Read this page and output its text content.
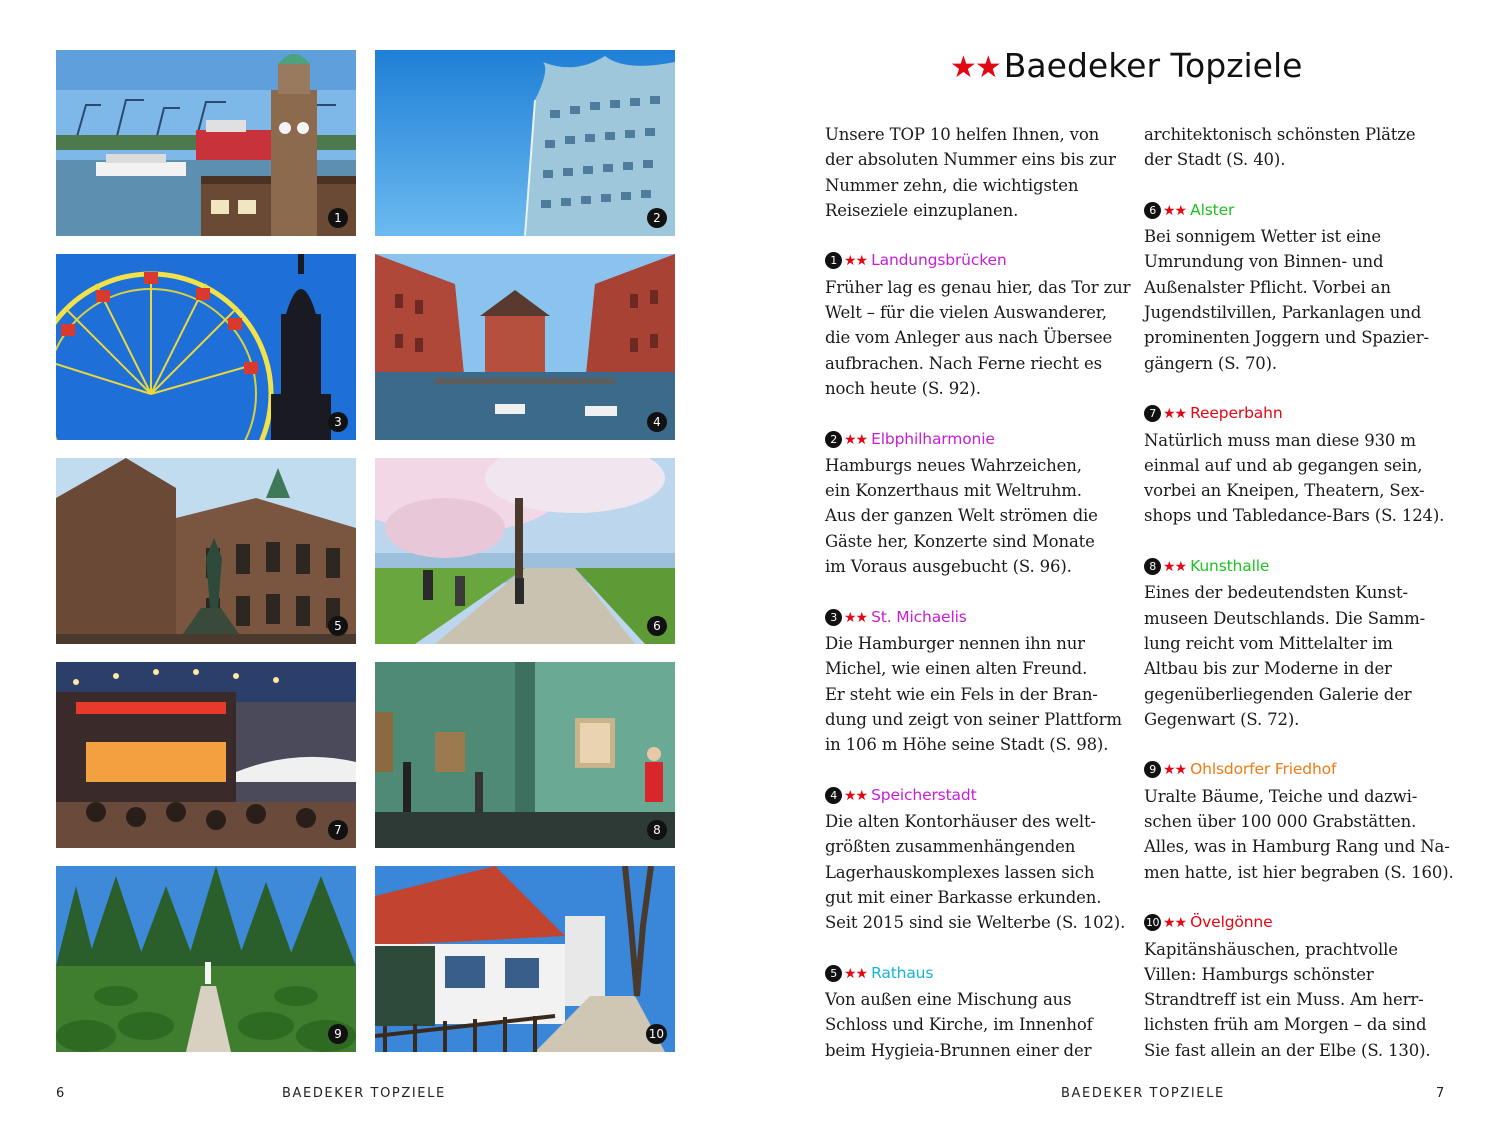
1	2
3	4
5	6
7	8
9	10
6	BAEDEKER TOPZIELE
★★ Baedeker Topziele

Unsere TOP 10 helfen Ihnen, von
der absoluten Nummer eins bis zur
Nummer zehn, die wichtigsten
Reiseziele einzuplanen.

1 ★★ Landungsbrücken

Früher lag es genau hier, das Tor zur
Welt – für die vielen Auswanderer,
die vom Anleger aus nach Übersee
aufbrachen. Nach Ferne riecht es
noch heute (S. 92).

2 ★★ Elbphilharmonie

Hamburgs neues Wahrzeichen,
ein Konzerthaus mit Weltruhm.
Aus der ganzen Welt strömen die
Gäste her, Konzerte sind Monate
im Voraus ausgebucht (S. 96).

3 ★★ St. Michaelis

Die Hamburger nennen ihn nur
Michel, wie einen alten Freund.
Er steht wie ein Fels in der Bran-
dung und zeigt von seiner Plattform
in 106 m Höhe seine Stadt (S. 98).

4 ★★ Speicherstadt

Die alten Kontorhäuser des welt-
größten zusammenhängenden
Lagerhauskomplexes lassen sich
gut mit einer Barkasse erkunden.
Seit 2015 sind sie Welterbe (S. 102).

5 ★★ Rathaus

Von außen eine Mischung aus
Schloss und Kirche, im Innenhof
beim Hygieia-Brunnen einer der

architektonisch schönsten Plätze
der Stadt (S. 40).

6 ★★ Alster

Bei sonnigem Wetter ist eine
Umrundung von Binnen- und
Außenalster Pflicht. Vorbei an
Jugendstilvillen, Parkanlagen und
prominenten Joggern und Spazier-
gängern (S. 70).

7 ★★ Reeperbahn

Natürlich muss man diese 930 m
einmal auf und ab gegangen sein,
vorbei an Kneipen, Theatern, Sex-
shops und Tabledance-Bars (S. 124).

8 ★★ Kunsthalle

Eines der bedeutendsten Kunst-
museen Deutschlands. Die Samm-
lung reicht vom Mittelalter im
Altbau bis zur Moderne in der
gegenüberliegenden Galerie der
Gegenwart (S. 72).

9 ★★ Ohlsdorfer Friedhof

Uralte Bäume, Teiche und dazwi-
schen über 100 000 Grabstätten.
Alles, was in Hamburg Rang und Na-
men hatte, ist hier begraben (S. 160).

10 ★★ Övelgönne

Kapitänshäuschen, prachtvolle
Villen: Hamburgs schönster
Strandtreff ist ein Muss. Am herr-
lichsten früh am Morgen – da sind
Sie fast allein an der Elbe (S. 130).

BAEDEKER TOPZIELE	7
